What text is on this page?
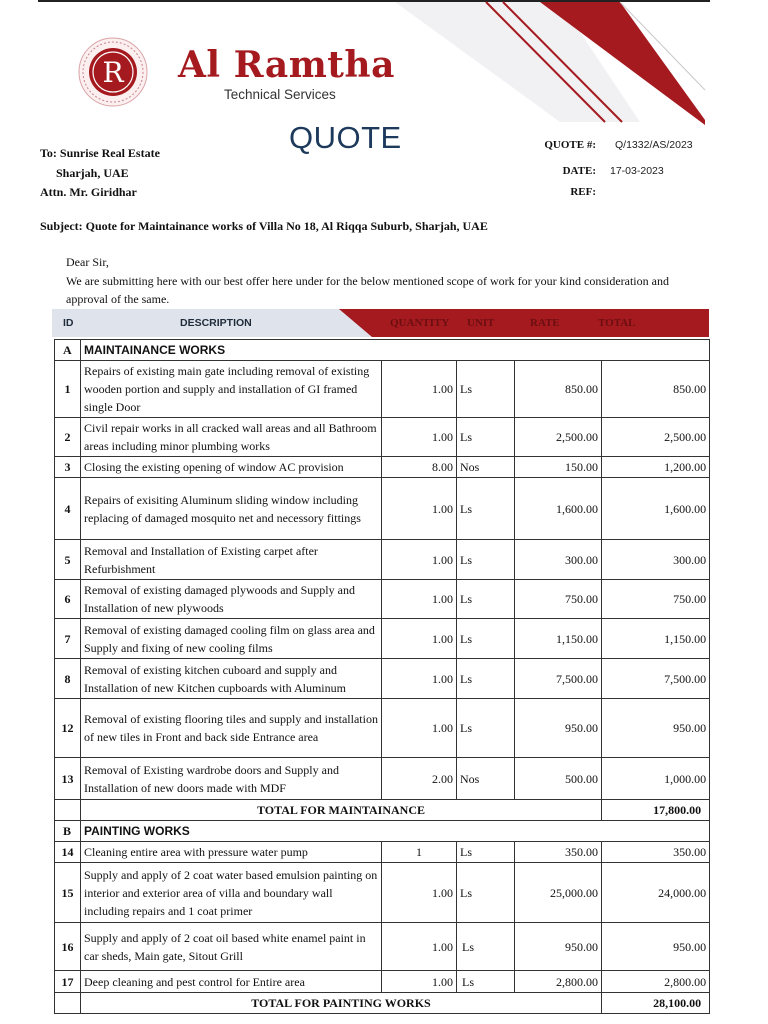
R Al Ramtha
Technical Services
QUOTE
To: Sunrise Real Estate
Sharjah, UAE
Attn. Mr. Giridhar
QUOTE #: Q/1332/AS/2023
DATE: 17-03-2023
REF:
Subject: Quote for Maintainance works of Villa No 18, Al Riqqa Suburb, Sharjah, UAE
Dear Sir,
We are submitting here with our best offer here under for the below mentioned scope of work for your kind consideration and approval of the same.
ID	DESCRIPTION	QUANTITY UNIT	RATE	TOTAL
A	MAINTAINANCE WORKS				
1	Repairs of existing main gate including removal of existing wooden portion and supply and installation of GI framed single Door	1.00	Ls	850.00	850.00
2	Civil repair works in all cracked wall areas and all Bathroom areas including minor plumbing works	1.00	Ls	2,500.00	2,500.00
3	Closing the existing opening of window AC provision	8.00	Nos	150.00	1,200.00
4	Repairs of exisiting Aluminum sliding window including replacing of damaged mosquito net and necessory fittings	1.00	Ls	1,600.00	1,600.00
5	Removal and Installation of Existing carpet after Refurbishment	1.00	Ls	300.00	300.00
6	Removal of existing damaged plywoods and Supply and Installation of new plywoods	1.00	Ls	750.00	750.00
7	Removal of existing damaged cooling film on glass area and Supply and fixing of new cooling films	1.00	Ls	1,150.00	1,150.00
8	Removal of existing kitchen cuboard and supply and Installation of new Kitchen cupboards with Aluminum	1.00	Ls	7,500.00	7,500.00
12	Removal of existing flooring tiles and supply and installation of new tiles in Front and back side Entrance area	1.00	Ls	950.00	950.00
13	Removal of Existing wardrobe doors and Supply and Installation of new doors made with MDF	2.00	Nos	500.00	1,000.00
	TOTAL FOR MAINTAINANCE				17,800.00
B	PAINTING WORKS				
14	Cleaning entire area with pressure water pump	1	Ls	350.00	350.00
15	Supply and apply of 2 coat water based emulsion painting on interior and exterior area of villa and boundary wall including repairs and 1 coat primer	1.00	Ls	25,000.00	24,000.00
16	Supply and apply of 2 coat oil based white enamel paint in car sheds, Main gate, Sitout Grill	1.00	Ls	950.00	950.00
17	Deep cleaning and pest control for Entire area	1.00	Ls	2,800.00	2,800.00
	TOTAL FOR PAINTING WORKS				28,100.00
